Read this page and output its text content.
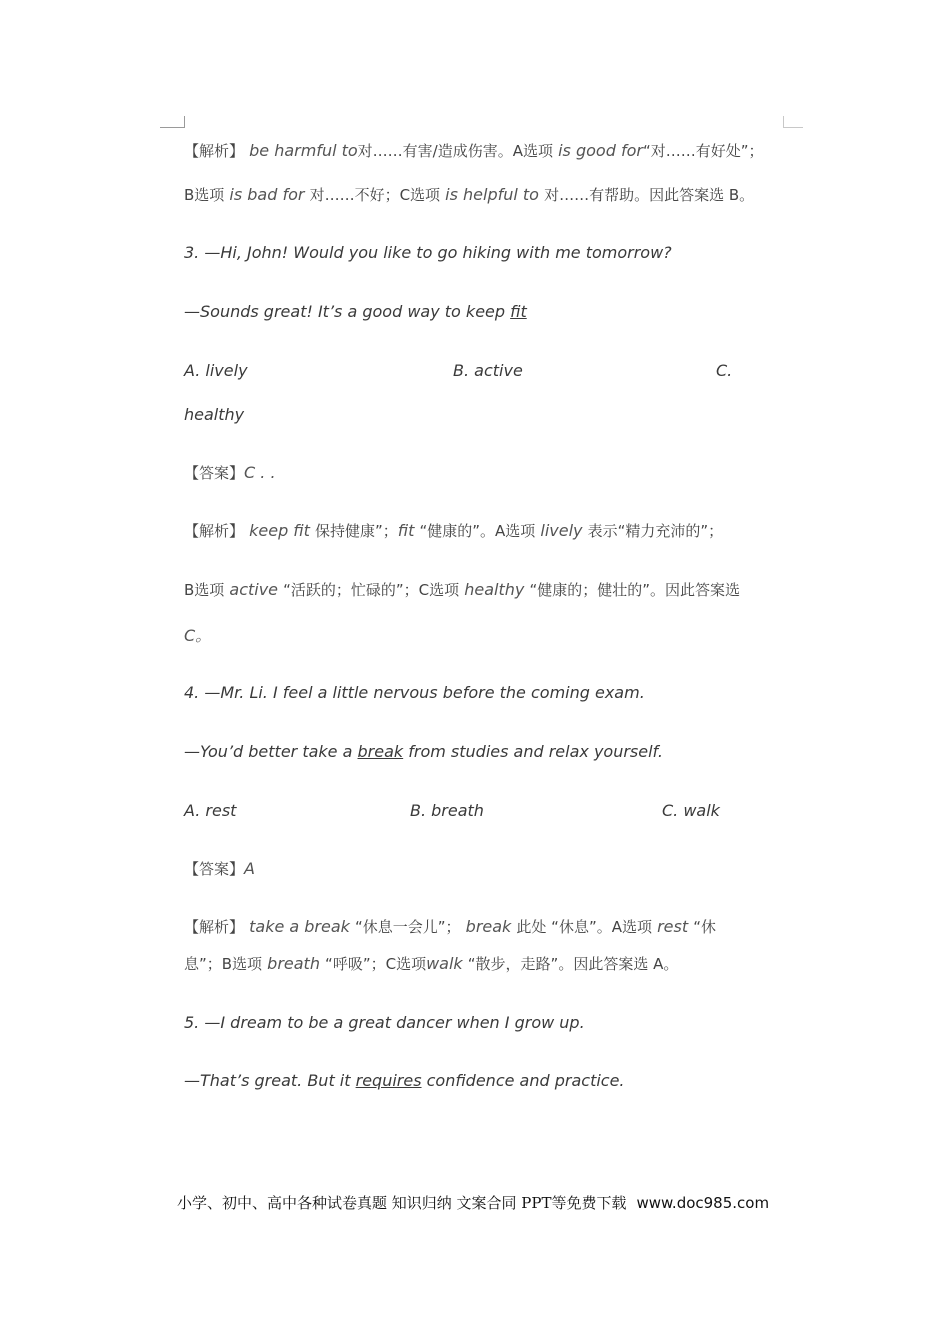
【解析】 be harmful to对……有害/造成伤害。A选项 is good for“对……有好处”；
B选项 is bad for 对……不好；C选项 is helpful to 对……有帮助。因此答案选 B。
3. —Hi, John! Would you like to go hiking with me tomorrow?
—Sounds great! It’s a good way to keep fit
A. lively	B. active	C.
healthy
【答案】C . .
【解析】 keep fit 保持健康”；fit “健康的”。A选项 lively 表示“精力充沛的”；
B选项 active “活跃的；忙碌的”；C选项 healthy “健康的；健壮的”。因此答案选
C。
4. —Mr. Li. I feel a little nervous before the coming exam.
—You’d better take a break from studies and relax yourself.
A. rest	B. breath	C. walk
【答案】A
【解析】 take a break “休息一会儿”； break 此处 “休息”。A选项 rest “休
息”；B选项 breath “呼吸”；C选项walk “散步，走路”。因此答案选 A。
5. —I dream to be a great dancer when I grow up.
—That’s great. But it requires confidence and practice.
小学、初中、高中各种试卷真题 知识归纳 文案合同 PPT等免费下载 www.doc985.com
